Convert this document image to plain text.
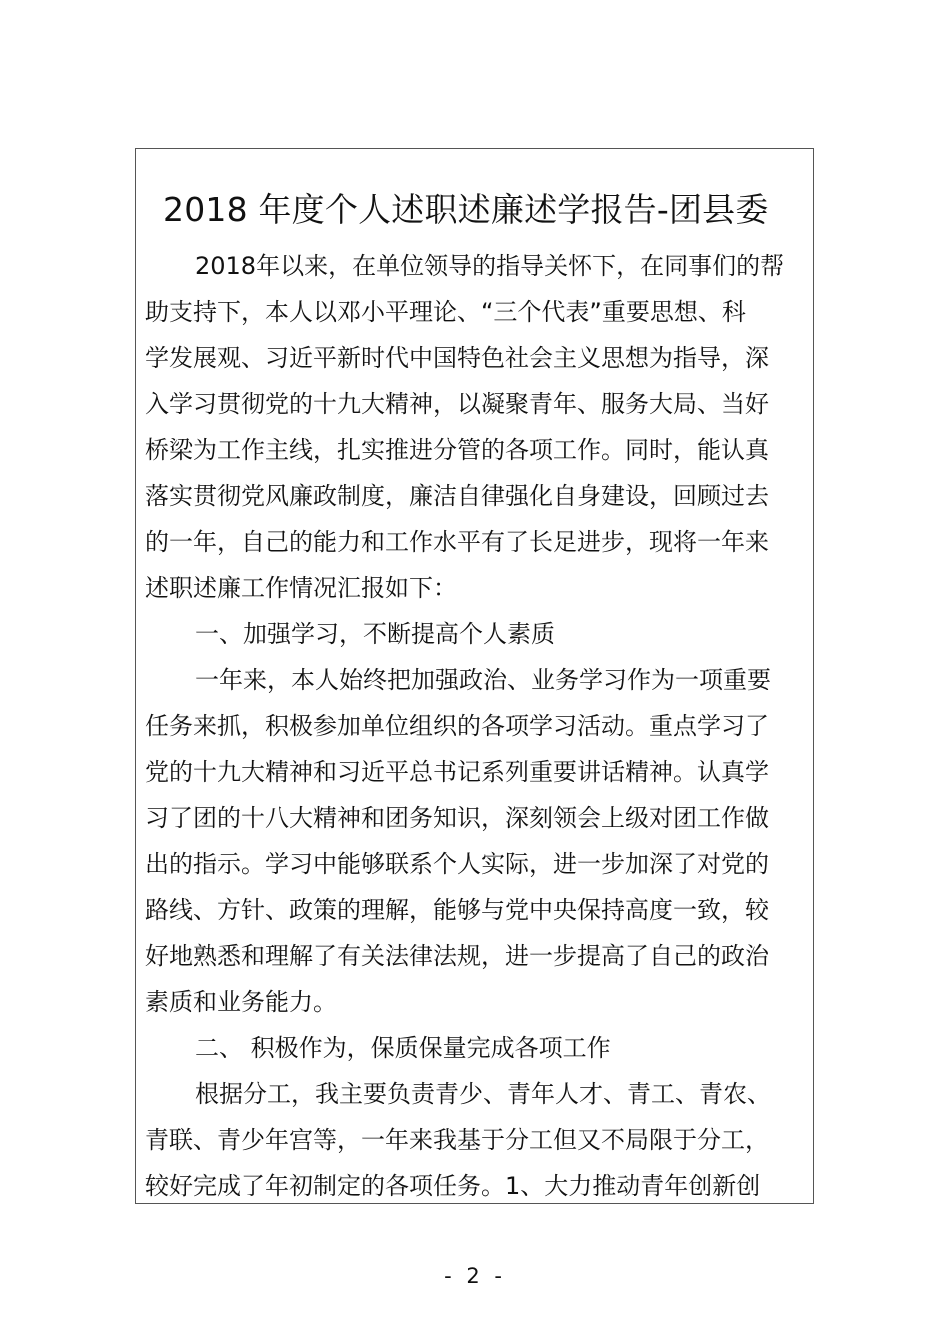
2018 年度个人述职述廉述学报告-团县委

2018年以来，在单位领导的指导关怀下，在同事们的帮

助支持下，本人以邓小平理论、“三个代表”重要思想、科

学发展观、习近平新时代中国特色社会主义思想为指导，深

入学习贯彻党的十九大精神，以凝聚青年、服务大局、当好

桥梁为工作主线，扎实推进分管的各项工作。同时，能认真

落实贯彻党风廉政制度，廉洁自律强化自身建设，回顾过去

的一年，自己的能力和工作水平有了长足进步，现将一年来

述职述廉工作情况汇报如下：

一、加强学习，不断提高个人素质

一年来，本人始终把加强政治、业务学习作为一项重要

任务来抓，积极参加单位组织的各项学习活动。重点学习了

党的十九大精神和习近平总书记系列重要讲话精神。认真学

习了团的十八大精神和团务知识，深刻领会上级对团工作做

出的指示。学习中能够联系个人实际，进一步加深了对党的

路线、方针、政策的理解，能够与党中央保持高度一致，较

好地熟悉和理解了有关法律法规，进一步提高了自己的政治

素质和业务能力。

二、 积极作为，保质保量完成各项工作

根据分工，我主要负责青少、青年人才、青工、青农、

青联、青少年宫等，一年来我基于分工但又不局限于分工，

较好完成了年初制定的各项任务。1、大力推动青年创新创

- 2 -
